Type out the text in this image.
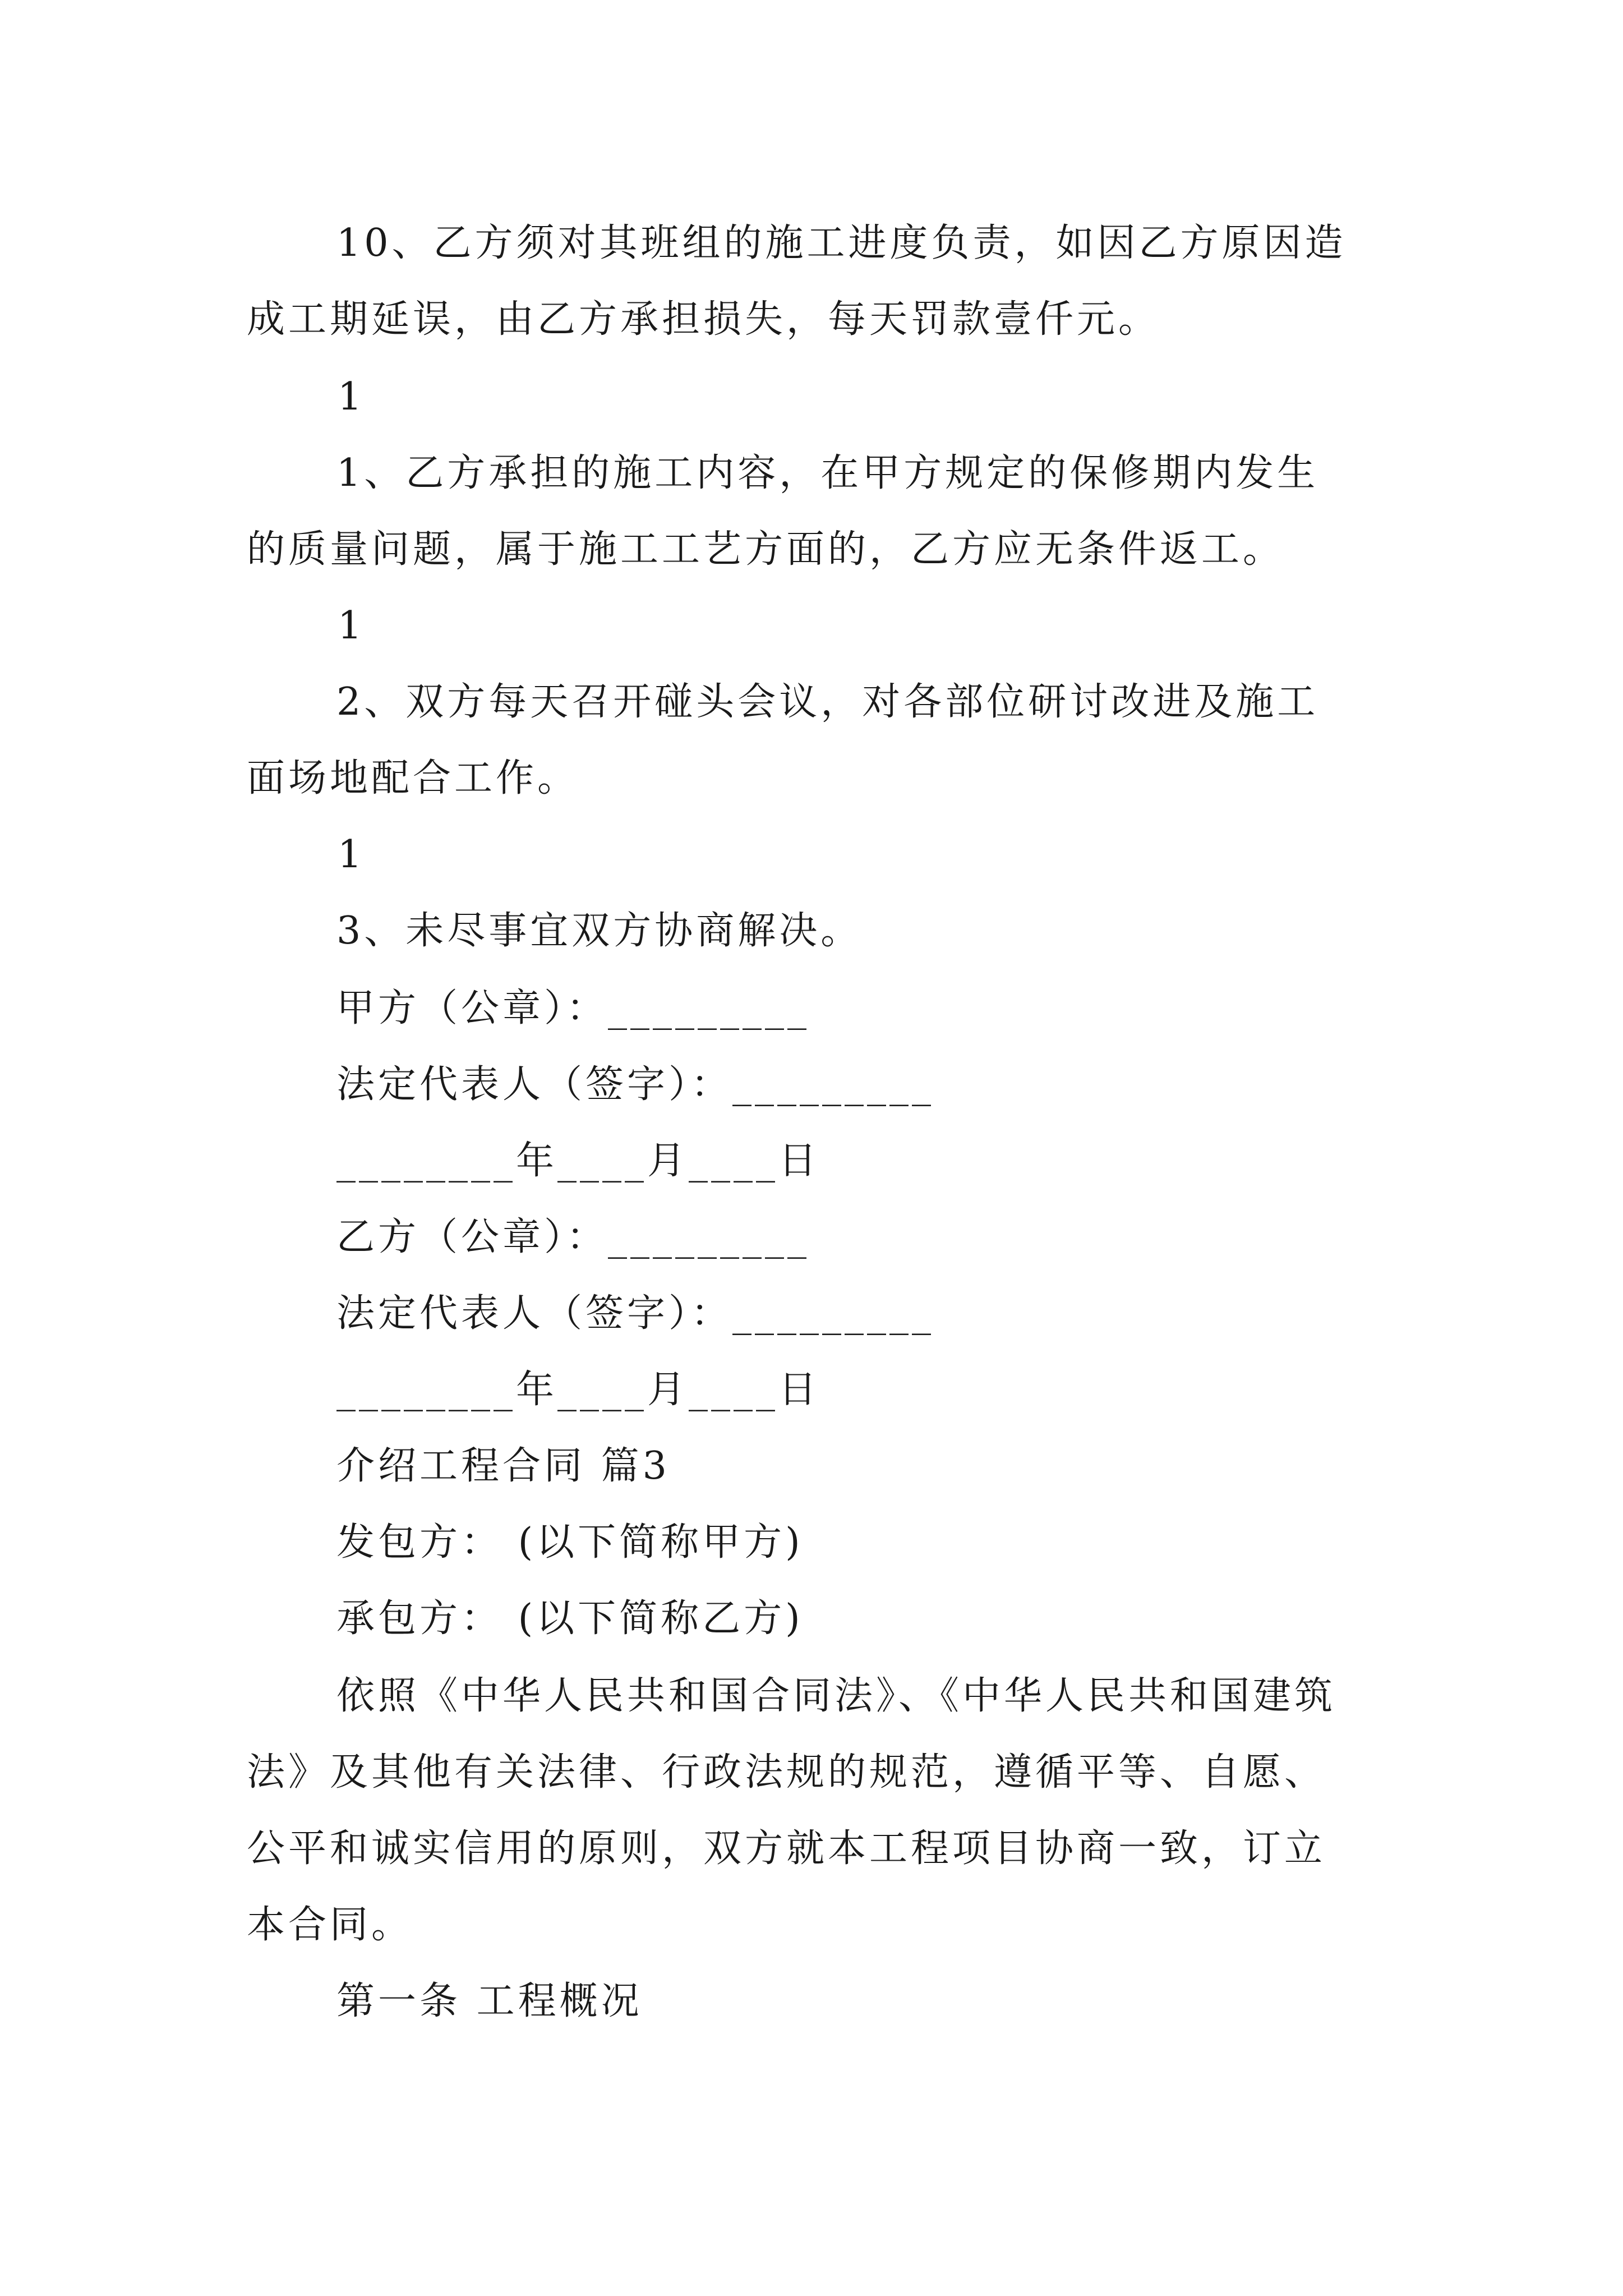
10、乙方须对其班组的施工进度负责，如因乙方原因造
成工期延误，由乙方承担损失，每天罚款壹仟元。
1
1、乙方承担的施工内容，在甲方规定的保修期内发生
的质量问题，属于施工工艺方面的，乙方应无条件返工。
1
2、双方每天召开碰头会议，对各部位研讨改进及施工
面场地配合工作。
1
3、未尽事宜双方协商解决。
甲方（公章）：_________
法定代表人（签字）：_________
________年____月____日
乙方（公章）：_________
法定代表人（签字）：_________
________年____月____日
介绍工程合同 篇3
发包方： (以下简称甲方)
承包方： (以下简称乙方)
依照《中华人民共和国合同法》、《中华人民共和国建筑
法》及其他有关法律、行政法规的规范，遵循平等、自愿、
公平和诚实信用的原则，双方就本工程项目协商一致，订立
本合同。
第一条 工程概况
